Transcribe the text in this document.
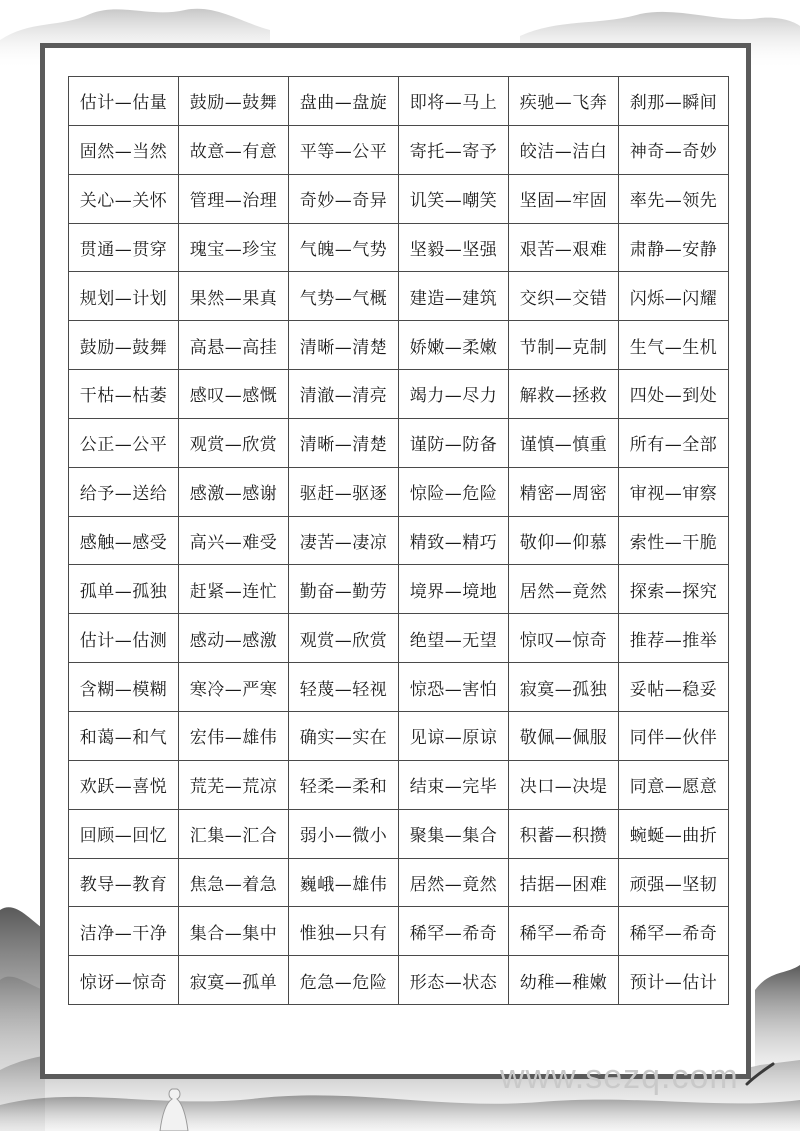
估计—估量	鼓励—鼓舞	盘曲—盘旋	即将—马上	疾驰—飞奔	刹那—瞬间
固然—当然	故意—有意	平等—公平	寄托—寄予	皎洁—洁白	神奇—奇妙
关心—关怀	管理—治理	奇妙—奇异	讥笑—嘲笑	坚固—牢固	率先—领先
贯通—贯穿	瑰宝—珍宝	气魄—气势	坚毅—坚强	艰苦—艰难	肃静—安静
规划—计划	果然—果真	气势—气概	建造—建筑	交织—交错	闪烁—闪耀
鼓励—鼓舞	高悬—高挂	清晰—清楚	娇嫩—柔嫩	节制—克制	生气—生机
干枯—枯萎	感叹—感慨	清澈—清亮	竭力—尽力	解救—拯救	四处—到处
公正—公平	观赏—欣赏	清晰—清楚	谨防—防备	谨慎—慎重	所有—全部
给予—送给	感激—感谢	驱赶—驱逐	惊险—危险	精密—周密	审视—审察
感触—感受	高兴—难受	凄苦—凄凉	精致—精巧	敬仰—仰慕	索性—干脆
孤单—孤独	赶紧—连忙	勤奋—勤劳	境界—境地	居然—竟然	探索—探究
估计—估测	感动—感激	观赏—欣赏	绝望—无望	惊叹—惊奇	推荐—推举
含糊—模糊	寒冷—严寒	轻蔑—轻视	惊恐—害怕	寂寞—孤独	妥帖—稳妥
和蔼—和气	宏伟—雄伟	确实—实在	见谅—原谅	敬佩—佩服	同伴—伙伴
欢跃—喜悦	荒芜—荒凉	轻柔—柔和	结束—完毕	决口—决堤	同意—愿意
回顾—回忆	汇集—汇合	弱小—微小	聚集—集合	积蓄—积攒	蜿蜒—曲折
教导—教育	焦急—着急	巍峨—雄伟	居然—竟然	拮据—困难	顽强—坚韧
洁净—干净	集合—集中	惟独—只有	稀罕—希奇	稀罕—希奇	稀罕—希奇
惊讶—惊奇	寂寞—孤单	危急—危险	形态—状态	幼稚—稚嫩	预计—估计
www.sezq.com
